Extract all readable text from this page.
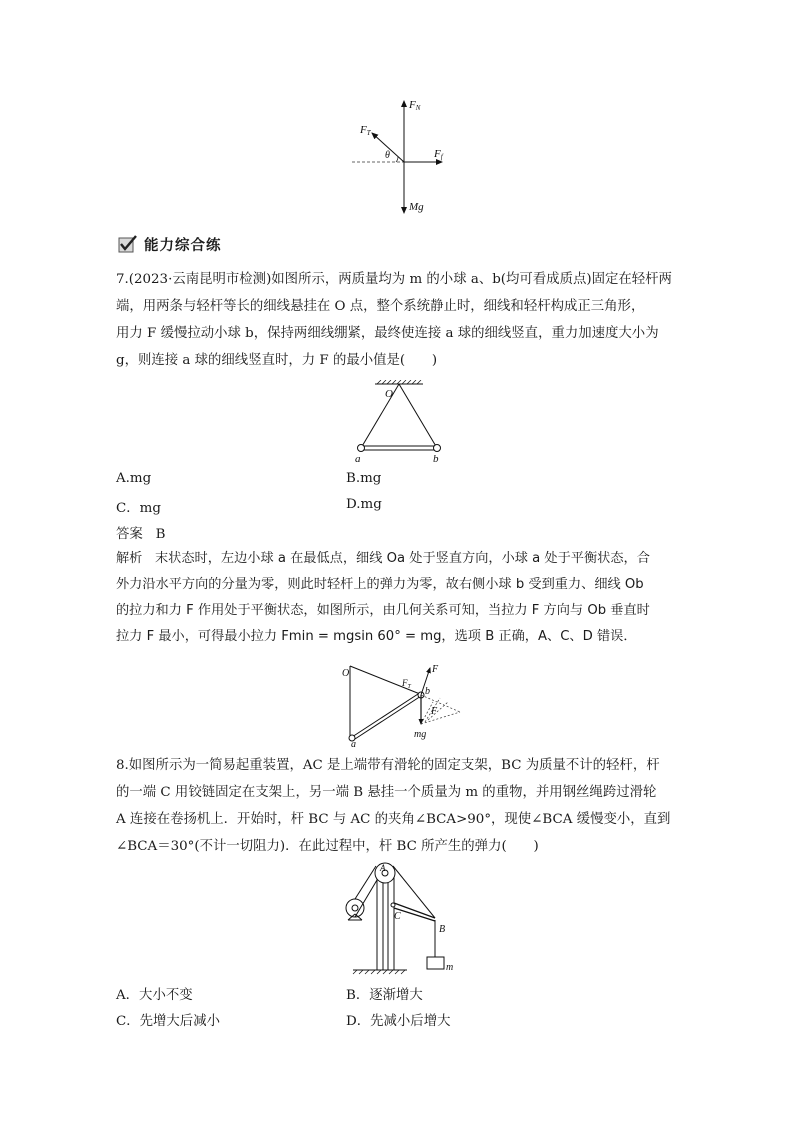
FN
FT
θ	Ff
Mg
能力综合练
7.(2023·云南昆明市检测)如图所示，两质量均为 m 的小球 a、b(均可看成质点)固定在轻杆两
端，用两条与轻杆等长的细线悬挂在 O 点，整个系统静止时，细线和轻杆构成正三角形，
用力 F 缓慢拉动小球 b，保持两细线绷紧，最终使连接 a 球的细线竖直，重力加速度大小为
g，则连接 a 球的细线竖直时，力 F 的最小值是(　　)
O
a	b
A.mg	B.mg
C．mg	D.mg
答案 B
解析 末状态时，左边小球 a 在最低点，细线 Oa 处于竖直方向，小球 a 处于平衡状态，合
外力沿水平方向的分量为零，则此时轻杆上的弹力为零，故右侧小球 b 受到重力、细线 Ob
的拉力和力 F 作用处于平衡状态，如图所示，由几何关系可知，当拉力 F 方向与 Ob 垂直时
拉力 F 最小，可得最小拉力 Fmin = mgsin 60° = mg，选项 B 正确，A、C、D 错误．
O
a
b
F
$F_T$
F
mg
8.如图所示为一简易起重装置，AC 是上端带有滑轮的固定支架，BC 为质量不计的轻杆，杆
的一端 C 用铰链固定在支架上，另一端 B 悬挂一个质量为 m 的重物，并用钢丝绳跨过滑轮
A 连接在卷扬机上．开始时，杆 BC 与 AC 的夹角∠BCA>90°，现使∠BCA 缓慢变小，直到
∠BCA＝30°(不计一切阻力)．在此过程中，杆 BC 所产生的弹力(　　)
A
C
B
m
A．大小不变	B．逐渐增大
C．先增大后减小	D．先减小后增大
